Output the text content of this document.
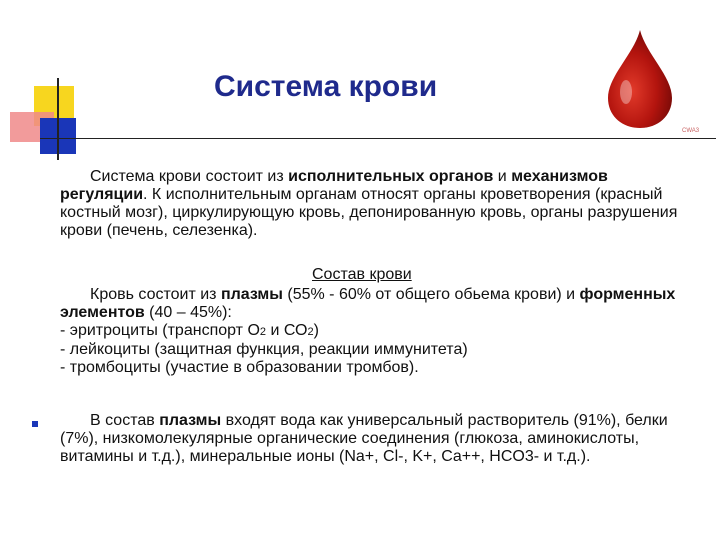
Система крови
CWA3
Система крови состоит из исполнительных органов и механизмов регуляции. К исполнительным органам относят органы кроветворения (красный костный мозг), циркулирующую кровь, депонированную кровь, органы разрушения крови (печень, селезенка).
Состав крови
Кровь состоит из плазмы (55% - 60% от общего обьема крови) и форменных элементов (40 – 45%):
- эритроциты (транспорт О2 и СО2)
- лейкоциты (защитная функция, реакции иммунитета)
- тромбоциты (участие в образовании тромбов).
В состав плазмы входят вода как универсальный растворитель (91%), белки (7%), низкомолекулярные органические соединения (глюкоза, аминокислоты, витамины и т.д.), минеральные ионы (Na+, Cl-, K+, Ca++, HCO3- и т.д.).
